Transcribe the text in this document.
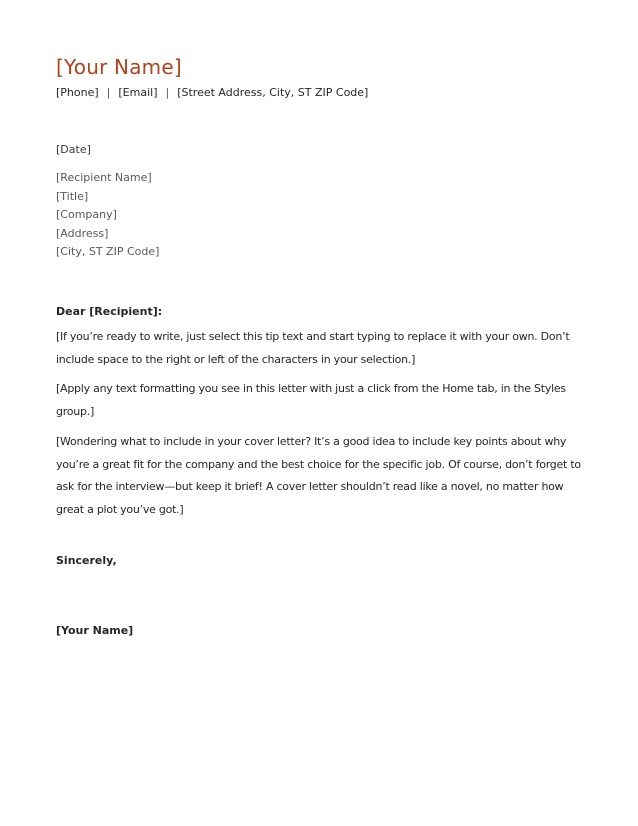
[Your Name]
[Phone] | [Email] | [Street Address, City, ST ZIP Code]
[Date]
[Recipient Name]
[Title]
[Company]
[Address]
[City, ST ZIP Code]
Dear [Recipient]:
[If you’re ready to write, just select this tip text and start typing to replace it with your own. Don’t include space to the right or left of the characters in your selection.]
[Apply any text formatting you see in this letter with just a click from the Home tab, in the Styles group.]
[Wondering what to include in your cover letter? It’s a good idea to include key points about why you’re a great fit for the company and the best choice for the specific job. Of course, don’t forget to ask for the interview—but keep it brief! A cover letter shouldn’t read like a novel, no matter how great a plot you’ve got.]
Sincerely,
[Your Name]
